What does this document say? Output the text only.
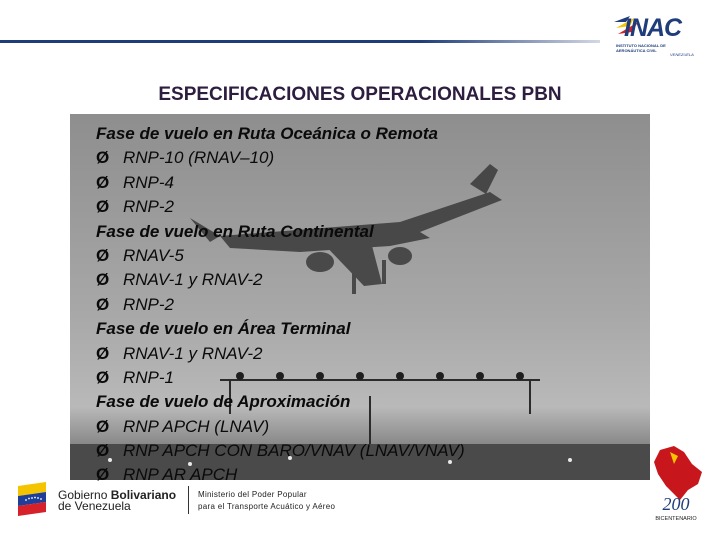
INAC
INSTITUTO NACIONAL DE AERONÁUTICA CIVIL
VENEZUELA
ESPECIFICACIONES OPERACIONALES PBN
Fase de vuelo en Ruta Oceánica o Remota
Ø RNP-10 (RNAV–10)
Ø RNP-4
Ø RNP-2
Fase de vuelo en Ruta Continental
Ø RNAV-5
Ø RNAV-1 y RNAV-2
Ø RNP-2
Fase de vuelo en Área Terminal
Ø RNAV-1 y RNAV-2
Ø RNP-1
Fase de vuelo de Aproximación
Ø RNP APCH (LNAV)
Ø RNP APCH CON BARO/VNAV (LNAV/VNAV)
Ø RNP AR APCH
Gobierno Bolivariano
de Venezuela
Ministerio del Poder Popular
para el Transporte Acuático y Aéreo	200
BICENTENARIO
